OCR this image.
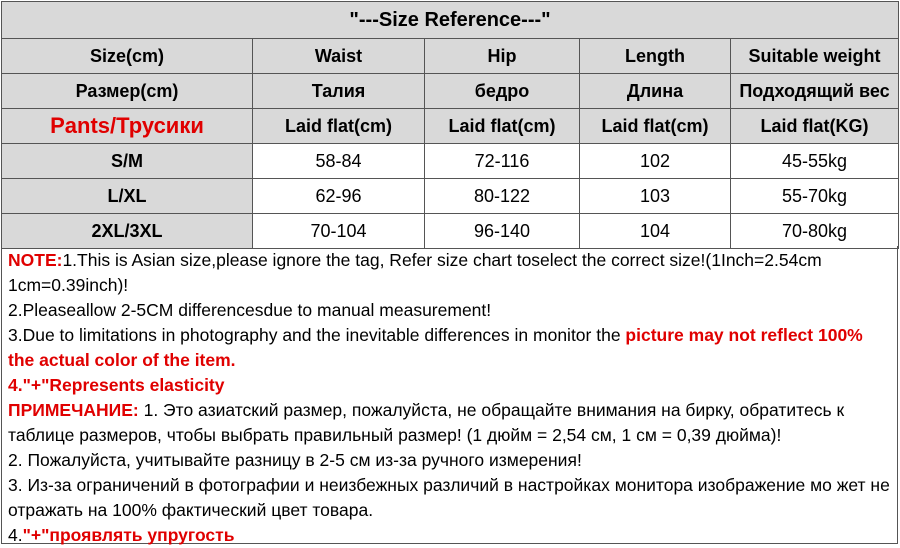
"---Size Reference---"				
Size(cm)	Waist	Hip	Length	Suitable weight
Размер(cm)	Талия	бедро	Длина	Подходящий вес
Pants/Трусики	Laid flat(cm)	Laid flat(cm)	Laid flat(cm)	Laid flat(KG)
S/M	58-84	72-116	102	45-55kg
L/XL	62-96	80-122	103	55-70kg
2XL/3XL	70-104	96-140	104	70-80kg

NOTE:1.This is Asian size,please ignore the tag, Refer size chart toselect the correct size!(1Inch=2.54cm 1cm=0.39inch)!

2.Pleaseallow 2-5CM differencesdue to manual measurement!

3.Due to limitations in photography and the inevitable differences in monitor the picture may not reflect 100% the actual color of the item.

4."+"Represents elasticity

ПРИМЕЧАНИЕ: 1. Это азиатский размер, пожалуйста, не обращайте внимания на бирку, обратитесь к таблице размеров, чтобы выбрать правильный размер! (1 дюйм = 2,54 см, 1 см = 0,39 дюйма)!

2. Пожалуйста, учитывайте разницу в 2-5 см из-за ручного измерения!

3. Из-за ограничений в фотографии и неизбежных различий в настройках монитора изображение мо жет не отражать на 100% фактический цвет товара.

4."+"проявлять упругость
